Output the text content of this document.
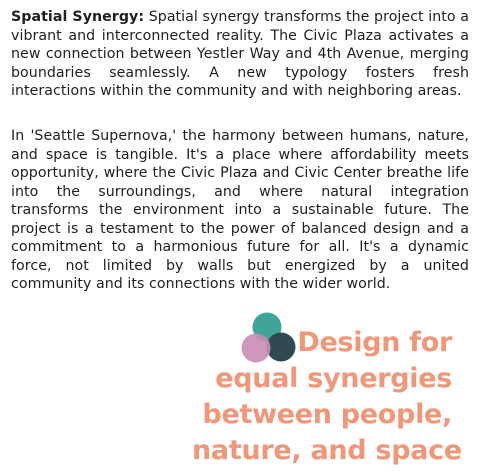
Spatial Synergy: Spatial synergy transforms the project into a vibrant and interconnected reality. The Civic Plaza activates a new connection between Yestler Way and 4th Avenue, merging boundaries seamlessly. A new typology fosters fresh interactions within the community and with neighboring areas.

In 'Seattle Supernova,' the harmony between humans, nature, and space is tangible. It's a place where affordability meets opportunity, where the Civic Plaza and Civic Center breathe life into the surroundings, and where natural integration transforms the environment into a sustainable future. The project is a testament to the power of balanced design and a commitment to a harmonious future for all. It's a dynamic force, not limited by walls but energized by a united community and its connections with the wider world.

Design for
equal synergies
between people,
nature, and space
